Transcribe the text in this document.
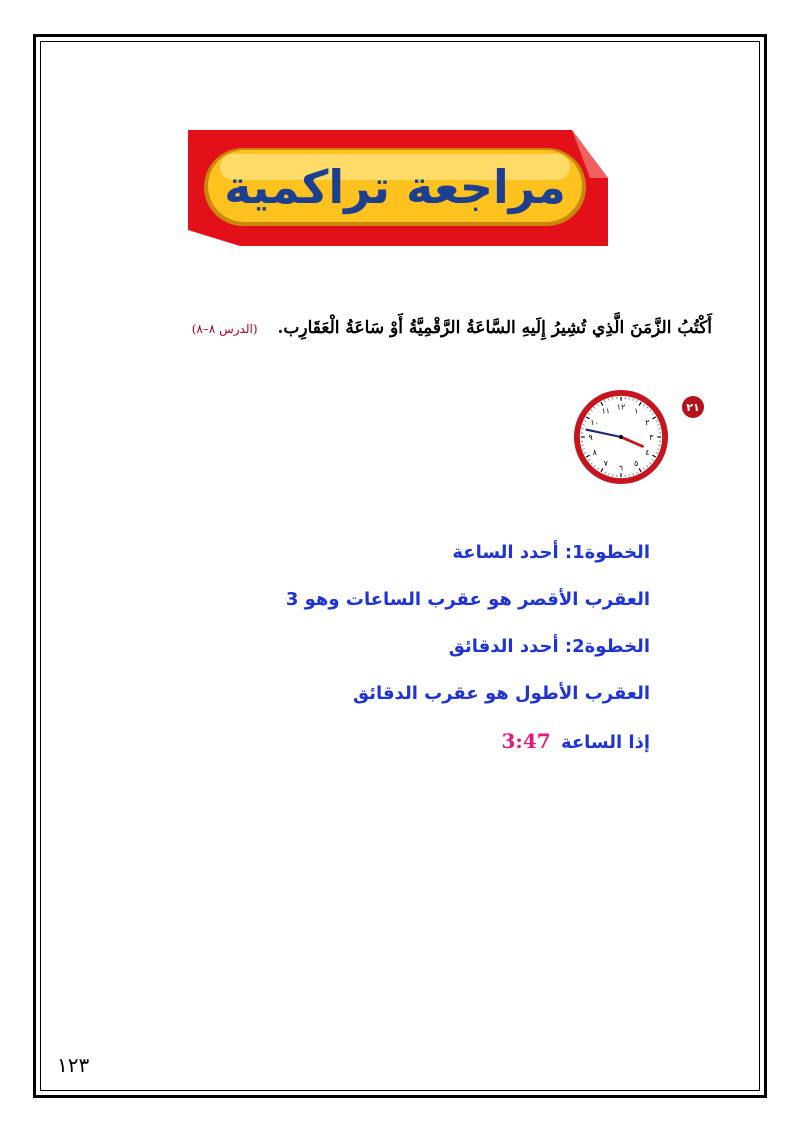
مراجعة تراكمية
أَكْتُبُ الزَّمَنَ الَّذِي تُشِيرُ إِلَيهِ السَّاعَةُ الرَّقْمِيَّةُ أَوْ سَاعَةُ الْعَقَارِب. (الدرس ٨–٨)
٢١
١٢ ١
٢
٣
٤
٥
٦
٧
٨
٩
١٠
١١
الخطوة1: أحدد الساعة
العقرب الأقصر هو عقرب الساعات وهو 3
الخطوة2: أحدد الدقائق
العقرب الأطول هو عقرب الدقائق
إذا الساعة 3:47
١٢٣
